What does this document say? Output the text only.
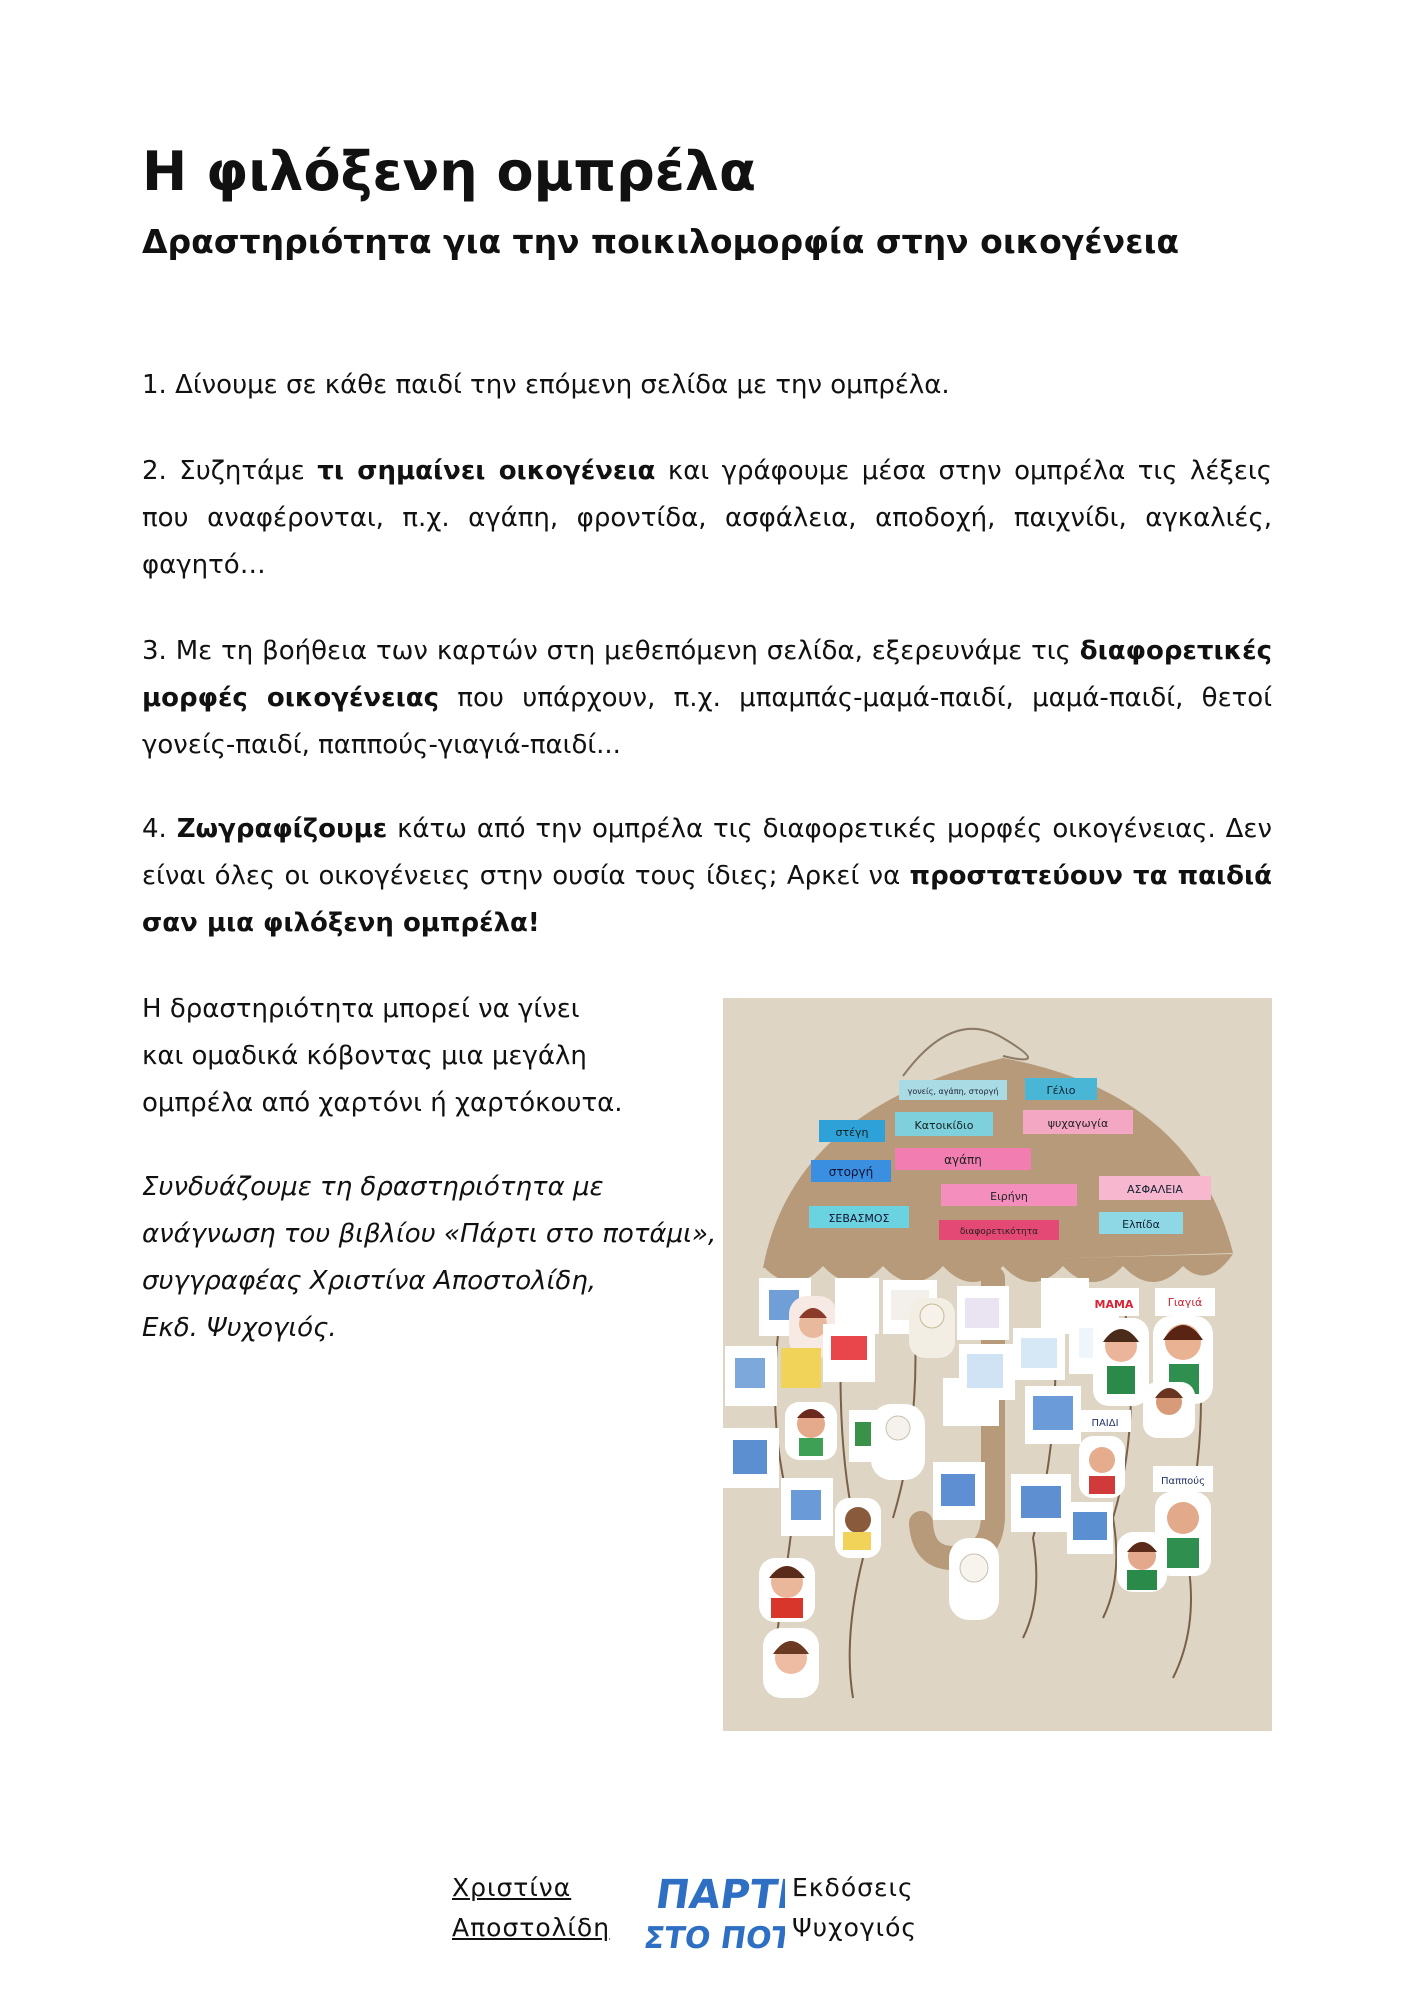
Η φιλόξενη ομπρέλα
Δραστηριότητα για την ποικιλομορφία στην οικογένεια

1. Δίνουμε σε κάθε παιδί την επόμενη σελίδα με την ομπρέλα.

2. Συζητάμε τι σημαίνει οικογένεια και γράφουμε μέσα στην ομπρέλα τις λέξεις που αναφέρονται, π.χ. αγάπη, φροντίδα, ασφάλεια, αποδοχή, παιχνίδι, αγκαλιές, φαγητό…

3. Με τη βοήθεια των καρτών στη μεθεπόμενη σελίδα, εξερευνάμε τις διαφορετικές μορφές οικογένειας που υπάρχουν, π.χ. μπαμπάς-μαμά-παιδί, μαμά-παιδί, θετοί γονείς-παιδί, παππούς-γιαγιά-παιδί...

4. Ζωγραφίζουμε κάτω από την ομπρέλα τις διαφορετικές μορφές οικογένειας. Δεν είναι όλες οι οικογένειες στην ουσία τους ίδιες; Αρκεί να προστατεύουν τα παιδιά σαν μια φιλόξενη ομπρέλα!

Η δραστηριότητα μπορεί να γίνει
και ομαδικά κόβοντας μια μεγάλη
ομπρέλα από χαρτόνι ή χαρτόκουτα.

Συνδυάζουμε τη δραστηριότητα με
ανάγνωση του βιβλίου «Πάρτι στο ποτάμι»,
συγγραφέας Χριστίνα Αποστολίδη,
Εκδ. Ψυχογιός.

γονείς, αγάπη, στοργή	Γέλιο
στέγη
Κατοικίδιο	ψυχαγωγία
αγάπη
στοργή
Ειρήνη
ΑΣΦΑΛΕΙΑ
ΣΕΒΑΣΜΟΣ
διαφορετικότητα
Ελπίδα
ΜΑΜΑ
ΠΑΙΔΙ
Γιαγιά
Παππούς
Χριστίνα
Αποστολίδη
ΠΑΡΤΙ
ΣΤΟ ΠΟΤΑΜΙ
Εκδόσεις
Ψυχογιός
